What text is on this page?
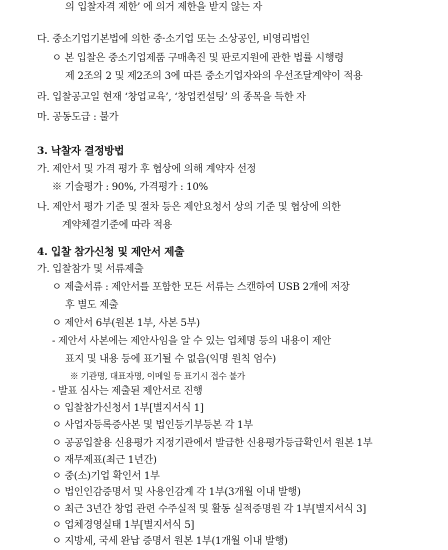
의 입찰자격 제한’ 에 의거 제한을 받지 않는 자
다. 중소기업기본법에 의한 중·소기업 또는 소상공인, 비영리법인
ㅇ 본 입찰은 중소기업제품 구매촉진 및 판로지원에 관한 법률 시행령
제 2조의 2 및 제2조의 3에 따른 중소기업자와의 우선조달계약이 적용
라. 입찰공고일 현재 ‘창업교육’, ‘창업컨설팅’ 의 종목을 득한 자
마. 공동도급 : 불가
3. 낙찰자 결정방법
가. 제안서 및 가격 평가 후 협상에 의해 계약자 선정
※ 기술평가 : 90%, 가격평가 : 10%
나. 제안서 평가 기준 및 절차 등은 제안요청서 상의 기준 및 협상에 의한
계약체결기준에 따라 적용
4. 입찰 참가신청 및 제안서 제출
가. 입찰참가 및 서류제출
ㅇ 제출서류 : 제안서를 포함한 모든 서류는 스캔하여 USB 2개에 저장
후 별도 제출
ㅇ 제안서 6부(원본 1부, 사본 5부)
- 제안서 사본에는 제안사임을 알 수 있는 업체명 등의 내용이 제안
표지 및 내용 등에 표기될 수 없음(익명 원칙 엄수)
※ 기관명, 대표자명, 이메일 등 표기시 접수 불가
- 발표 심사는 제출된 제안서로 진행
ㅇ 입찰참가신청서 1부[별지서식 1]
ㅇ 사업자등록증사본 및 법인등기부등본 각 1부
ㅇ 공공입찰용 신용평가 지정기관에서 발급한 신용평가등급확인서 원본 1부
ㅇ 재무제표(최근 1년간)
ㅇ 중(소)기업 확인서 1부
ㅇ 법인인감증명서 및 사용인감계 각 1부(3개월 이내 발행)
ㅇ 최근 3년간 창업 관련 수주실적 및 활동 실적증명원 각 1부[별지서식 3]
ㅇ 업체경영실태 1부[별지서식 5]
ㅇ 지방세, 국세 완납 증명서 원본 1부(1개월 이내 발행)
